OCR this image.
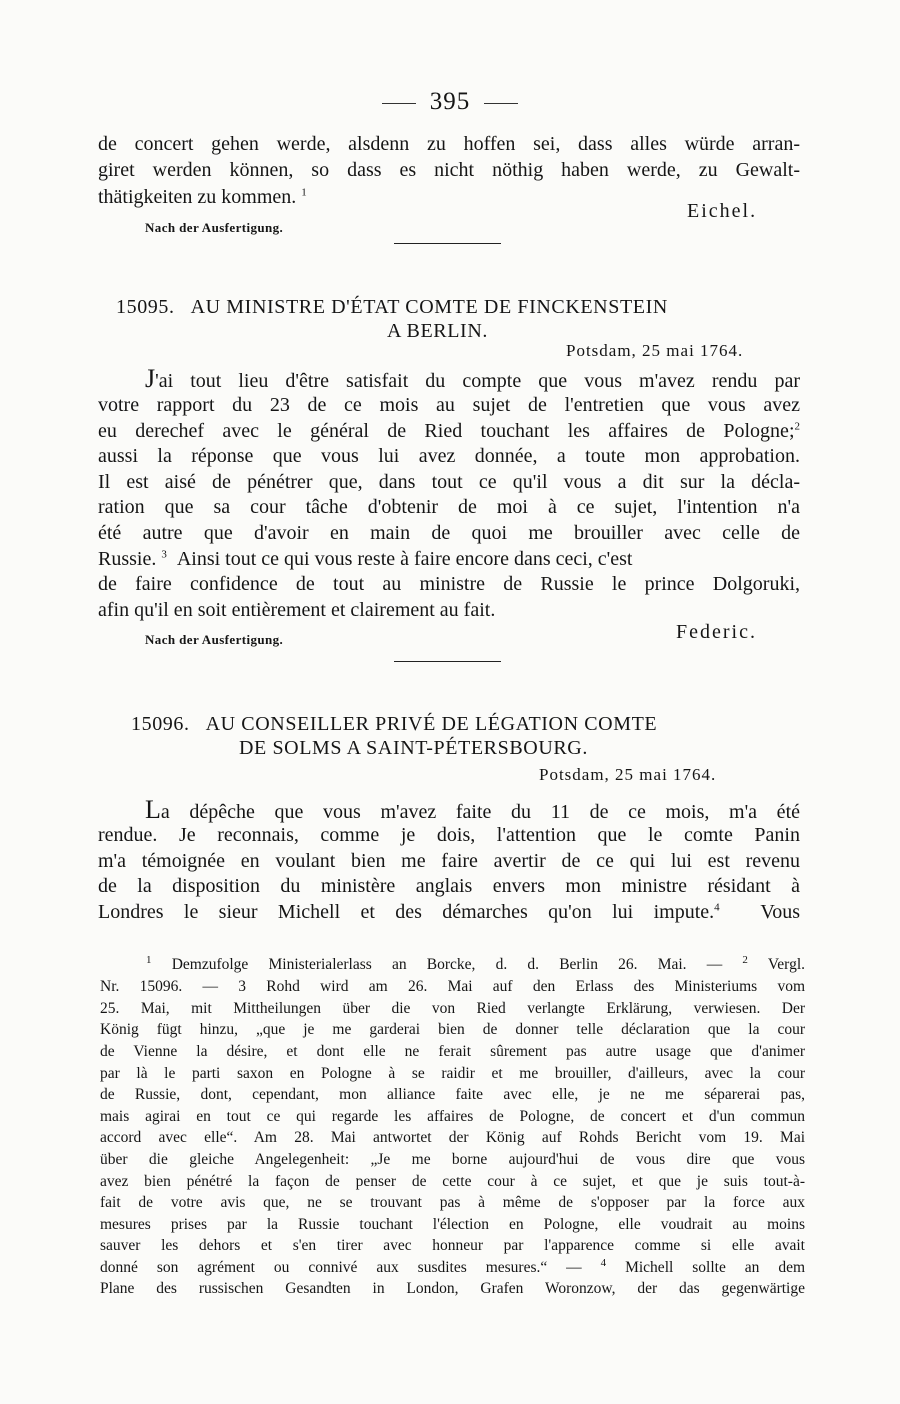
395
de concert gehen werde, alsdenn zu hoffen sei, dass alles würde arran-
giret werden können, so dass es nicht nöthig haben werde, zu Gewalt-
thätigkeiten zu kommen. $^1$
Eichel.
Nach der Ausfertigung.
15095. AU MINISTRE D'ÉTAT COMTE DE FINCKENSTEIN
A BERLIN.
Potsdam, 25 mai 1764.
J'ai tout lieu d'être satisfait du compte que vous m'avez rendu par
votre rapport du 23 de ce mois au sujet de l'entretien que vous avez
eu derechef avec le général de Ried touchant les affaires de Pologne;$^2$
aussi la réponse que vous lui avez donnée, a toute mon approbation.
Il est aisé de pénétrer que, dans tout ce qu'il vous a dit sur la décla-
ration que sa cour tâche d'obtenir de moi à ce sujet, l'intention n'a
été autre que d'avoir en main de quoi me brouiller avec celle de
Russie. $^3$ Ainsi tout ce qui vous reste à faire encore dans ceci, c'est
de faire confidence de tout au ministre de Russie le prince Dolgoruki,
afin qu'il en soit entièrement et clairement au fait.
Federic.
Nach der Ausfertigung.
15096. AU CONSEILLER PRIVÉ DE LÉGATION COMTE
DE SOLMS A SAINT-PÉTERSBOURG.
Potsdam, 25 mai 1764.
La dépêche que vous m'avez faite du 11 de ce mois, m'a été
rendue. Je reconnais, comme je dois, l'attention que le comte Panin
m'a témoignée en voulant bien me faire avertir de ce qui lui est revenu
de la disposition du ministère anglais envers mon ministre résidant à
Londres le sieur Michell et des démarches qu'on lui impute.$^4$ Vous
$^1$ Demzufolge Ministerialerlass an Borcke, d. d. Berlin 26. Mai. — $^2$ Vergl.
Nr. 15096. — 3 Rohd wird am 26. Mai auf den Erlass des Ministeriums vom
25. Mai, mit Mittheilungen über die von Ried verlangte Erklärung, verwiesen. Der
König fügt hinzu, „que je me garderai bien de donner telle déclaration que la cour
de Vienne la désire, et dont elle ne ferait sûrement pas autre usage que d'animer
par là le parti saxon en Pologne à se raidir et me brouiller, d'ailleurs, avec la cour
de Russie, dont, cependant, mon alliance faite avec elle, je ne me séparerai pas,
mais agirai en tout ce qui regarde les affaires de Pologne, de concert et d'un commun
accord avec elle“. Am 28. Mai antwortet der König auf Rohds Bericht vom 19. Mai
über die gleiche Angelegenheit: „Je me borne aujourd'hui de vous dire que vous
avez bien pénétré la façon de penser de cette cour à ce sujet, et que je suis tout-à-
fait de votre avis que, ne se trouvant pas à même de s'opposer par la force aux
mesures prises par la Russie touchant l'élection en Pologne, elle voudrait au moins
sauver les dehors et s'en tirer avec honneur par l'apparence comme si elle avait
donné son agrément ou connivé aux susdites mesures.“ — $^4$ Michell sollte an dem
Plane des russischen Gesandten in London, Grafen Woronzow, der das gegenwärtige
